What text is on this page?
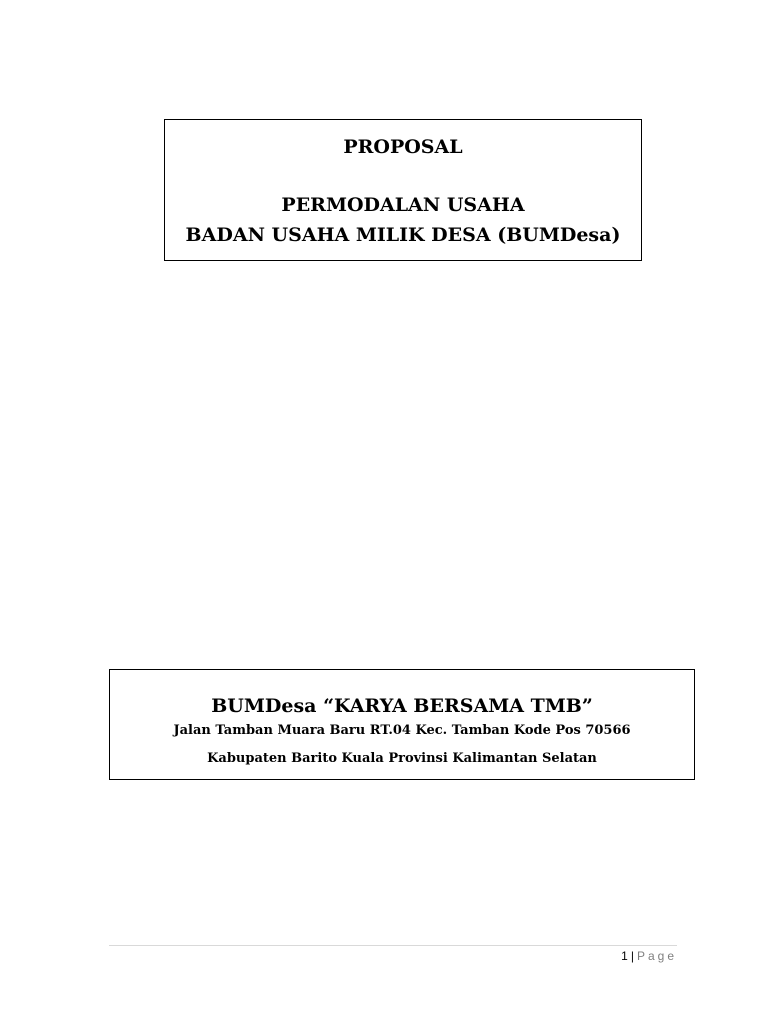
PROPOSAL
PERMODALAN USAHA
BADAN USAHA MILIK DESA (BUMDesa)
BUMDesa “KARYA BERSAMA TMB”
Jalan Tamban Muara Baru RT.04 Kec. Tamban Kode Pos 70566
Kabupaten Barito Kuala Provinsi Kalimantan Selatan
1 | Page
